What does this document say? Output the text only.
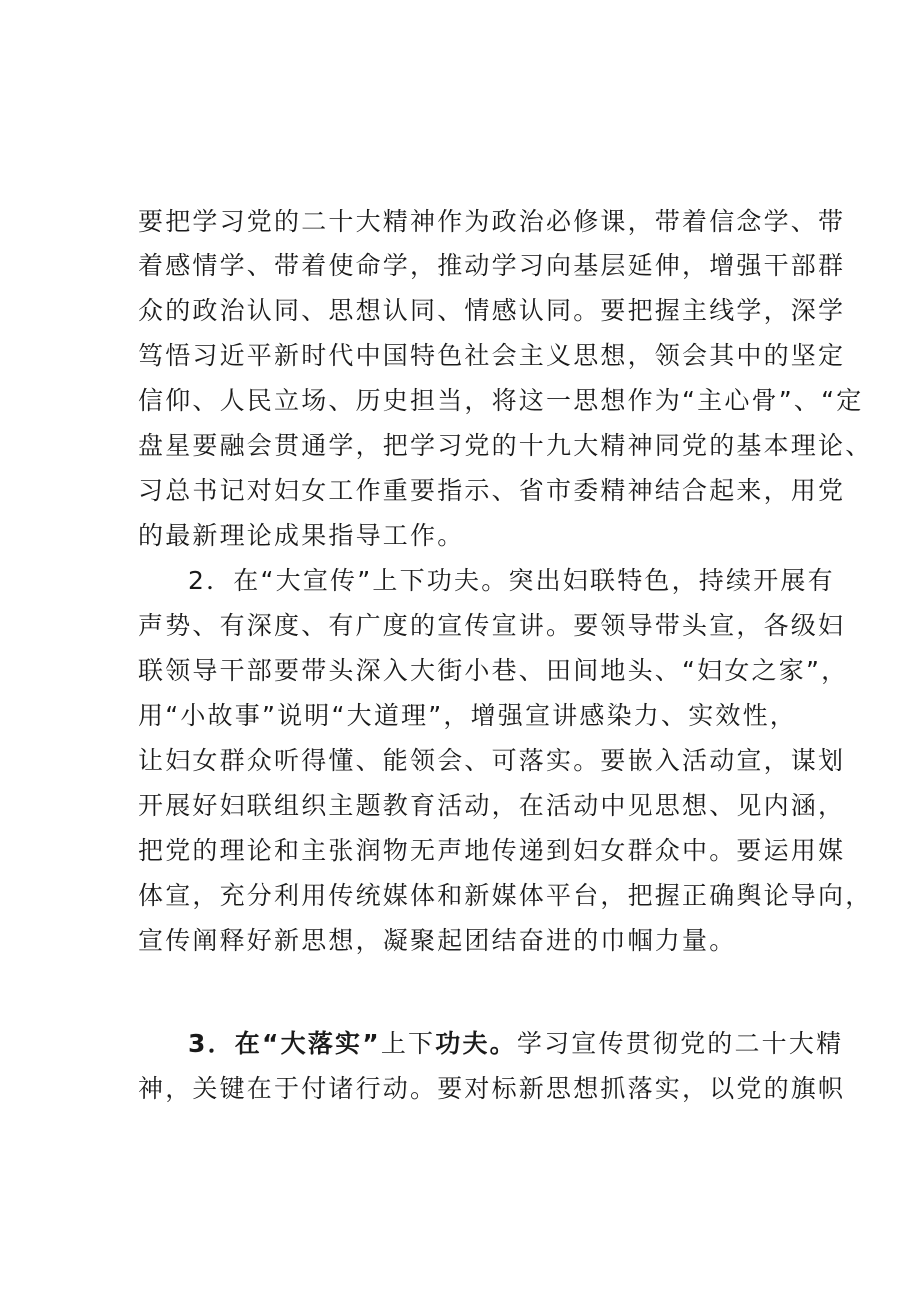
要把学习党的二十大精神作为政治必修课，带着信念学、带
着感情学、带着使命学，推动学习向基层延伸，增强干部群
众的政治认同、思想认同、情感认同。要把握主线学，深学
笃悟习近平新时代中国特色社会主义思想，领会其中的坚定
信仰、人民立场、历史担当，将这一思想作为“主心骨”、“定
盘星要融会贯通学，把学习党的十九大精神同党的基本理论、
习总书记对妇女工作重要指示、省市委精神结合起来，用党
的最新理论成果指导工作。
2．在“大宣传”上下功夫。突出妇联特色，持续开展有
声势、有深度、有广度的宣传宣讲。要领导带头宣，各级妇
联领导干部要带头深入大街小巷、田间地头、“妇女之家”，
用“小故事”说明“大道理”，增强宣讲感染力、实效性，
让妇女群众听得懂、能领会、可落实。要嵌入活动宣，谋划
开展好妇联组织主题教育活动，在活动中见思想、见内涵，
把党的理论和主张润物无声地传递到妇女群众中。要运用媒
体宣，充分利用传统媒体和新媒体平台，把握正确舆论导向，
宣传阐释好新思想，凝聚起团结奋进的巾帼力量。
3．在“大落实”上下功夫。学习宣传贯彻党的二十大精
神，关键在于付诸行动。要对标新思想抓落实，以党的旗帜
